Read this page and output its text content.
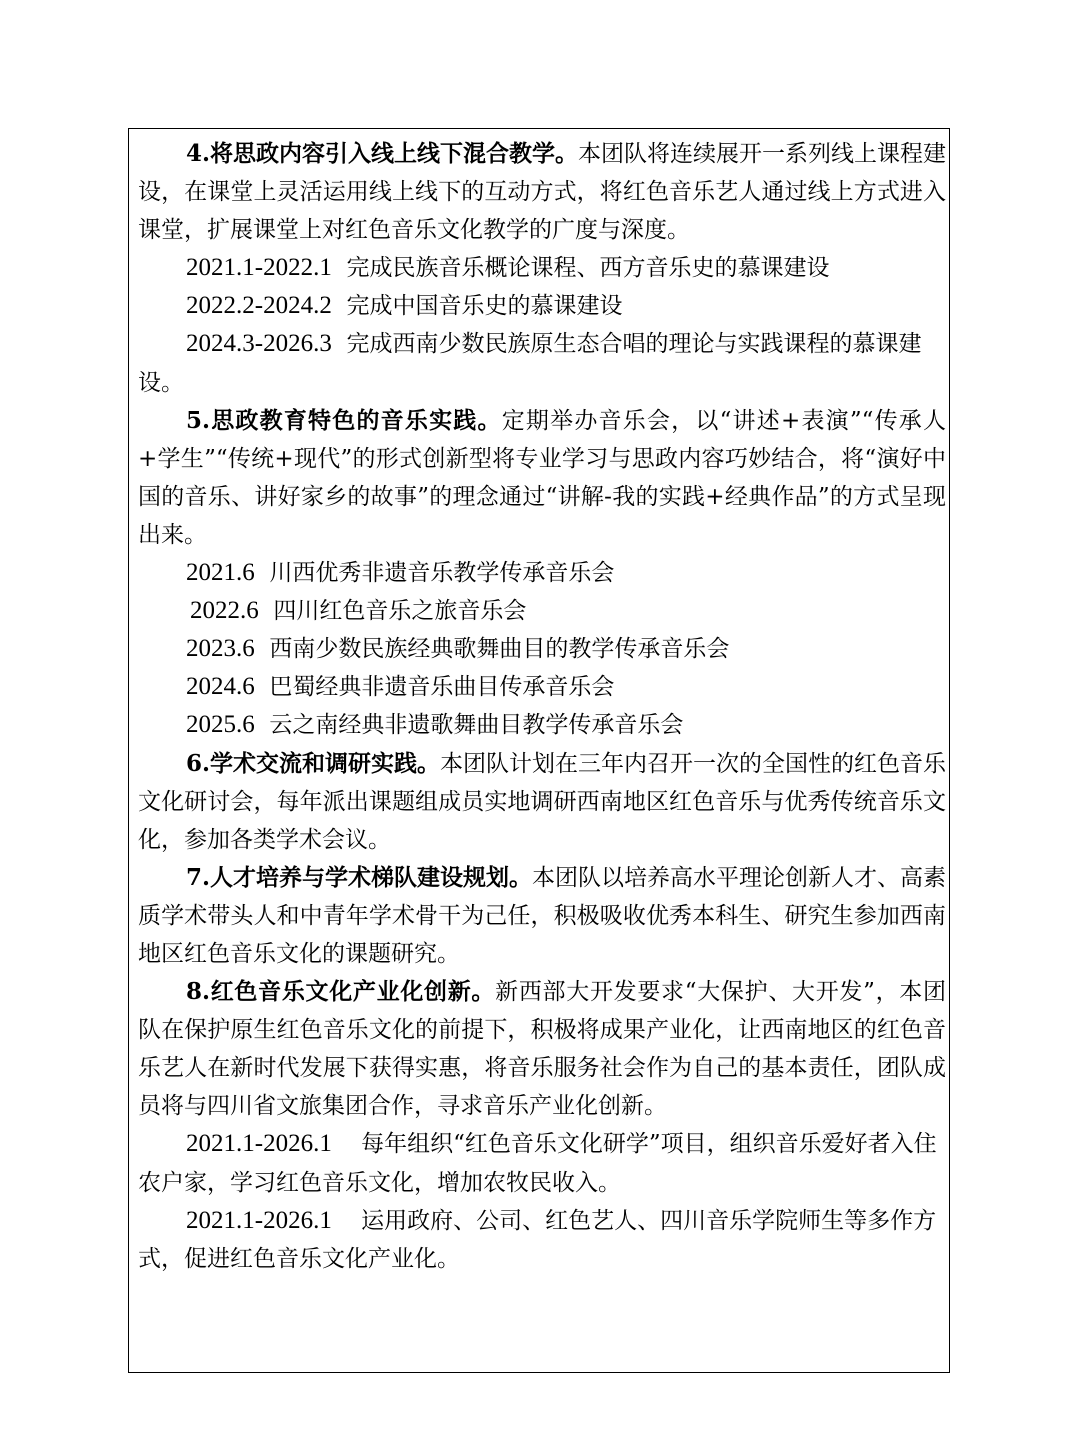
4.将思政内容引入线上线下混合教学。本团队将连续展开一系列线上课程建设，在课堂上灵活运用线上线下的互动方式，将红色音乐艺人通过线上方式进入课堂，扩展课堂上对红色音乐文化教学的广度与深度。

2021.1-2022.1 完成民族音乐概论课程、西方音乐史的慕课建设

2022.2-2024.2 完成中国音乐史的慕课建设

2024.3-2026.3 完成西南少数民族原生态合唱的理论与实践课程的慕课建设。

5.思政教育特色的音乐实践。定期举办音乐会，以“讲述+表演”“传承人+学生”“传统+现代”的形式创新型将专业学习与思政内容巧妙结合，将“演好中国的音乐、讲好家乡的故事”的理念通过“讲解-我的实践+经典作品”的方式呈现出来。

2021.6 川西优秀非遗音乐教学传承音乐会

2022.6 四川红色音乐之旅音乐会

2023.6 西南少数民族经典歌舞曲目的教学传承音乐会

2024.6 巴蜀经典非遗音乐曲目传承音乐会

2025.6 云之南经典非遗歌舞曲目教学传承音乐会

6.学术交流和调研实践。本团队计划在三年内召开一次的全国性的红色音乐文化研讨会，每年派出课题组成员实地调研西南地区红色音乐与优秀传统音乐文化，参加各类学术会议。

7.人才培养与学术梯队建设规划。本团队以培养高水平理论创新人才、高素质学术带头人和中青年学术骨干为己任，积极吸收优秀本科生、研究生参加西南地区红色音乐文化的课题研究。

8.红色音乐文化产业化创新。新西部大开发要求“大保护、大开发”，本团队在保护原生红色音乐文化的前提下，积极将成果产业化，让西南地区的红色音乐艺人在新时代发展下获得实惠，将音乐服务社会作为自己的基本责任，团队成员将与四川省文旅集团合作，寻求音乐产业化创新。

2021.1-2026.1 每年组织“红色音乐文化研学”项目，组织音乐爱好者入住农户家，学习红色音乐文化，增加农牧民收入。

2021.1-2026.1 运用政府、公司、红色艺人、四川音乐学院师生等多作方式，促进红色音乐文化产业化。
